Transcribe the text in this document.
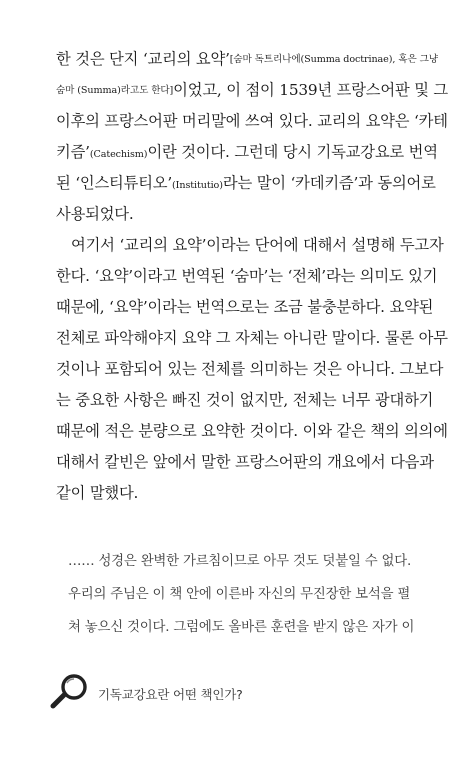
한 것은 단지 ‘교리의 요약’ [숨마 독트리나에(Summa doctrinae), 혹은 그냥
숨마 (Summa)라고도 한다] 이었고, 이 점이 1539년 프랑스어판 및 그
이후의 프랑스어판 머리말에 쓰여 있다. 교리의 요약은 ‘카테
키즘’(Catechism) 이란 것이다. 그런데 당시 기독교강요로 번역
된 ‘인스티튜티오’(Institutio) 라는 말이 ‘카데키즘’과 동의어로
사용되었다.
여기서 ‘교리의 요약’이라는 단어에 대해서 설명해 두고자
한다. ‘요약’이라고 번역된 ‘숨마’는 ‘전체’라는 의미도 있기
때문에, ‘요약’이라는 번역으로는 조금 불충분하다. 요약된
전체로 파악해야지 요약 그 자체는 아니란 말이다. 물론 아무
것이나 포함되어 있는 전체를 의미하는 것은 아니다. 그보다
는 중요한 사항은 빠진 것이 없지만, 전체는 너무 광대하기
때문에 적은 분량으로 요약한 것이다. 이와 같은 책의 의의에
대해서 칼빈은 앞에서 말한 프랑스어판의 개요에서 다음과
같이 말했다.
…… 성경은 완벽한 가르침이므로 아무 것도 덧붙일 수 없다.
우리의 주님은 이 책 안에 이른바 자신의 무진장한 보석을 펼
쳐 놓으신 것이다. 그럼에도 올바른 훈련을 받지 않은 자가 이
기독교강요란 어떤 책인가?
